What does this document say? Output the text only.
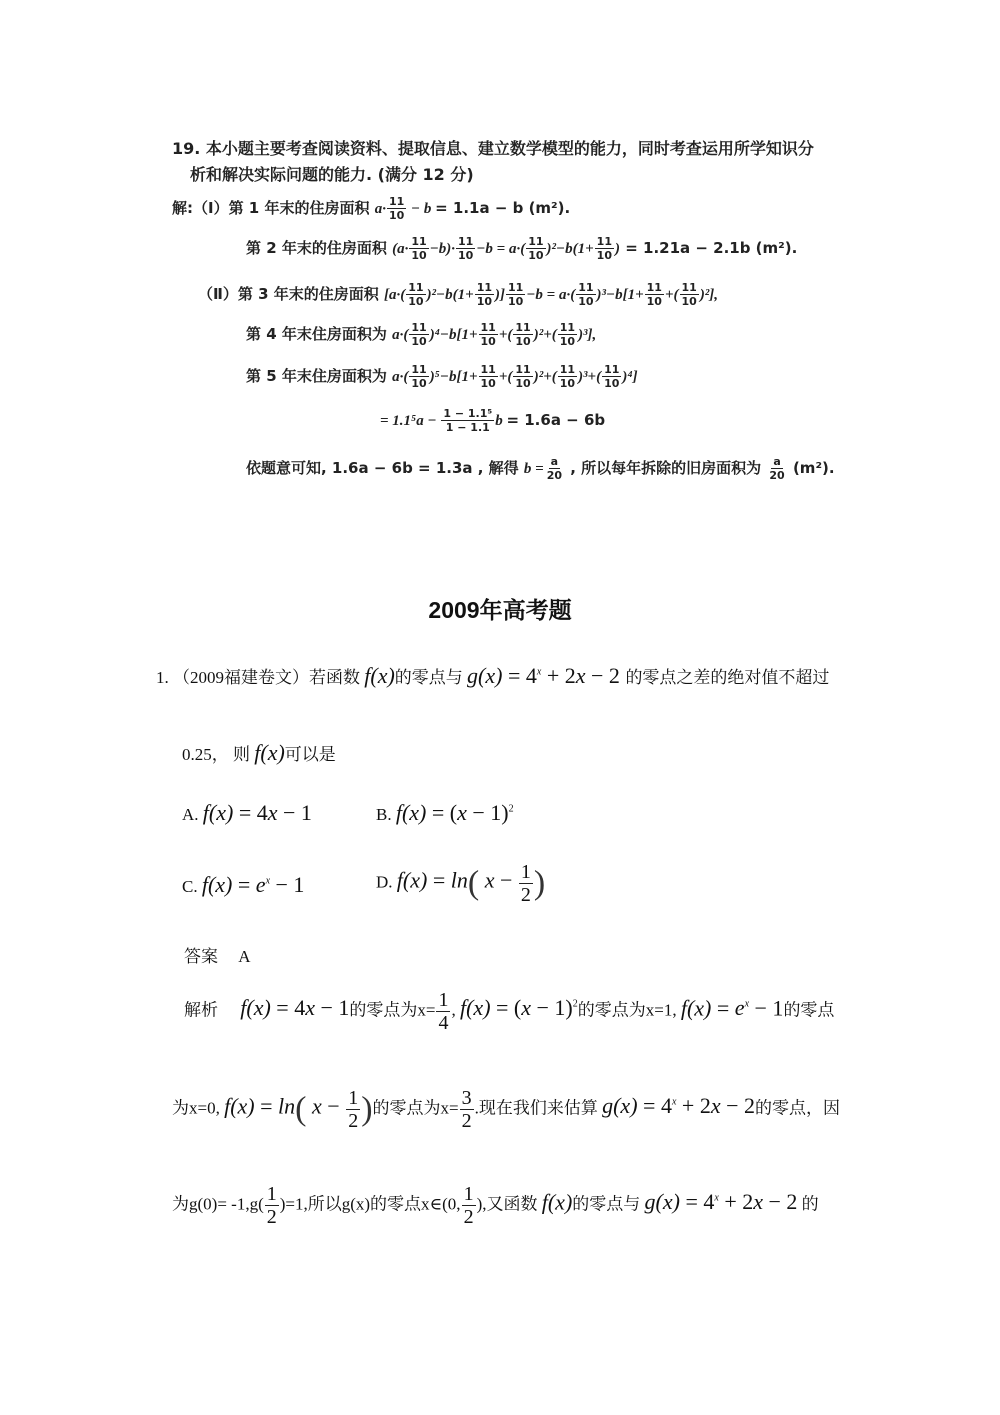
19. 本小题主要考查阅读资料、提取信息、建立数学模型的能力，同时考查运用所学知识分
析和解决实际问题的能力. (满分 12 分)
解:（Ⅰ）第 1 年末的住房面积 $a\cdot \frac{11}{10} - b = 1.1a - b$ (m²).
第 2 年末的住房面积 $(a\cdot \frac{11}{10} -b)\cdot \frac{11}{10} -b = a\cdot( \frac{11}{10} )^2-b(1+ \frac{11}{10}$ ) = 1.21a − 2.1b (m²).
（Ⅱ）第 3 年末的住房面积 [$a\cdot( \frac{11}{10} )^2-b(1+ \frac{11}{10}$ )] $\frac{11}{10} -b = a\cdot( \frac{11}{10} )^3-b[1+ \frac{11}{10}$ +( $\frac{11}{10} )^2$],
第 4 年末住房面积为 $a\cdot( \frac{11}{10} )^4-b[1+ \frac{11}{10}$ +( $\frac{11}{10} )^2+( \frac{11}{10} )^3$],
第 5 年末住房面积为 $a\cdot( \frac{11}{10} )^5-b[1+ \frac{11}{10}$ +( $\frac{11}{10} )^2+( \frac{11}{10} )^3+( \frac{11}{10} )^4$]
= $1.1^5a - \frac{\text{1 − 1.1⁵}}{1 - 1.1}$ b = 1.6a − 6b
依题意可知, 1.6a − 6b = 1.3a , 解得 $b = \frac{a}{20}$ , 所以每年拆除的旧房面积为 $\frac{a}{20} (m^2)$.
2009年高考题
1. （2009福建卷文）若函数 f(x)的零点与 $g(x) = 4^x + 2x - 2$ 的零点之差的绝对值不超过
0.25， 则 f(x)可以是
A. f(x) = 4x − 1	B. $f(x) = (x - 1)^2$
C. $f(x) = e^x - 1$	D. f(x) = ln( $x - \frac{1}{2}$ )
答案 A
解析 f(x) = 4x − 1的零点为$x= \frac{1}{4}$ , $f(x) = (x - 1)^2$的零点为x=1, $f(x) = e^x - 1$的零点
为x=0, f(x) = ln( $x - \frac{1}{2}$ )的零点为$x= \frac{3}{2}$ .现在我们来估算 $g(x) = 4^x + 2x - 2$的零点，因
为$g(0)= -1,g( \frac{1}{2} )=1$,所以g(x)的零点x∈(0, $\frac{1}{2}$ ),又函数 f(x)的零点与 $g(x) = 4^x + 2x - 2$ 的
